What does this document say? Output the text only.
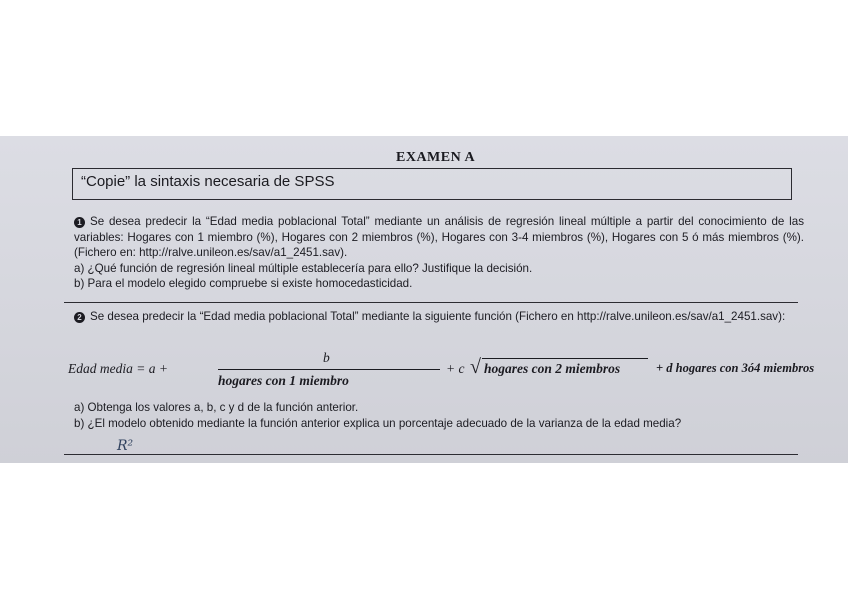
EXAMEN A
“Copie” la sintaxis necesaria de SPSS

1 Se desea predecir la “Edad media poblacional Total” mediante un análisis de regresión lineal múltiple a partir del conocimiento de las variables: Hogares con 1 miembro (%), Hogares con 2 miembros (%), Hogares con 3-4 miembros (%), Hogares con 5 ó más miembros (%). (Fichero en: http://ralve.unileon.es/sav/a1_2451.sav).

a) ¿Qué función de regresión lineal múltiple establecería para ello? Justifique la decisión.

b) Para el modelo elegido compruebe si existe homocedasticidad.

2 Se desea predecir la “Edad media poblacional Total” mediante la siguiente función (Fichero en http://ralve.unileon.es/sav/a1_2451.sav):

Edad media = a +
b
hogares con 1 miembro
+ c √ hogares con 2 miembros	+ d hogares con 3ó4 miembros

a) Obtenga los valores a, b, c y d de la función anterior.

b) ¿El modelo obtenido mediante la función anterior explica un porcentaje adecuado de la varianza de la edad media?

R²
